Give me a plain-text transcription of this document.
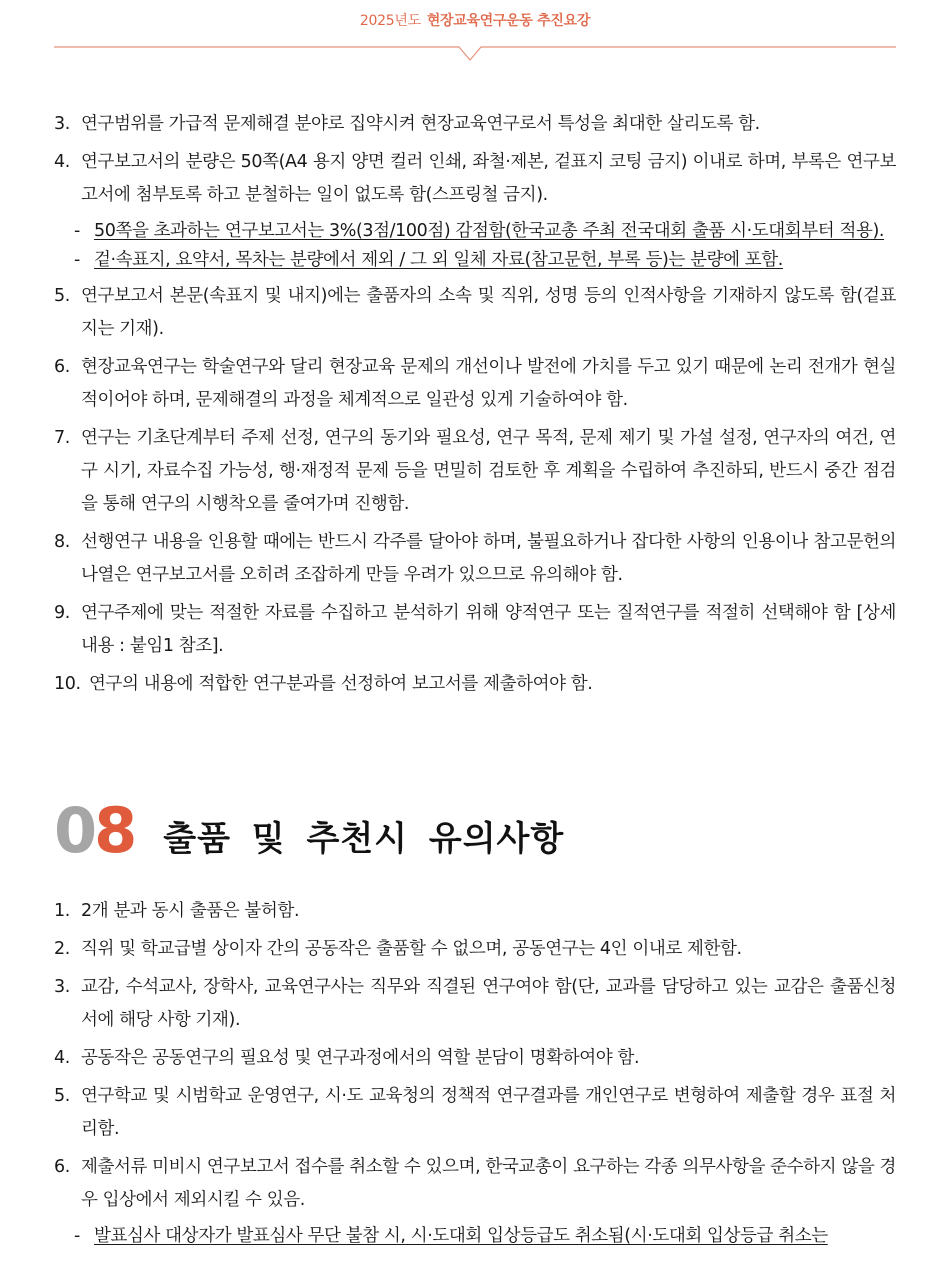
2025년도 현장교육연구운동 추진요강
3. 연구범위를 가급적 문제해결 분야로 집약시켜 현장교육연구로서 특성을 최대한 살리도록 함.
4. 연구보고서의 분량은 50쪽(A4 용지 양면 컬러 인쇄, 좌철·제본, 겉표지 코팅 금지) 이내로 하며, 부록은 연구보고서에 첨부토록 하고 분철하는 일이 없도록 함(스프링철 금지).
- 50쪽을 초과하는 연구보고서는 3%(3점/100점) 감점함(한국교총 주최 전국대회 출품 시·도대회부터 적용).
- 겉·속표지, 요약서, 목차는 분량에서 제외 / 그 외 일체 자료(참고문헌, 부록 등)는 분량에 포함.
5. 연구보고서 본문(속표지 및 내지)에는 출품자의 소속 및 직위, 성명 등의 인적사항을 기재하지 않도록 함(겉표지는 기재).
6. 현장교육연구는 학술연구와 달리 현장교육 문제의 개선이나 발전에 가치를 두고 있기 때문에 논리 전개가 현실적이어야 하며, 문제해결의 과정을 체계적으로 일관성 있게 기술하여야 함.
7. 연구는 기초단계부터 주제 선정, 연구의 동기와 필요성, 연구 목적, 문제 제기 및 가설 설정, 연구자의 여건, 연구 시기, 자료수집 가능성, 행·재정적 문제 등을 면밀히 검토한 후 계획을 수립하여 추진하되, 반드시 중간 점검을 통해 연구의 시행착오를 줄여가며 진행함.
8. 선행연구 내용을 인용할 때에는 반드시 각주를 달아야 하며, 불필요하거나 잡다한 사항의 인용이나 참고문헌의 나열은 연구보고서를 오히려 조잡하게 만들 우려가 있으므로 유의해야 함.
9. 연구주제에 맞는 적절한 자료를 수집하고 분석하기 위해 양적연구 또는 질적연구를 적절히 선택해야 함 [상세내용 : 붙임1 참조].
10. 연구의 내용에 적합한 연구분과를 선정하여 보고서를 제출하여야 함.
0 8 출품 및 추천시 유의사항
1. 2개 분과 동시 출품은 불허함.
2. 직위 및 학교급별 상이자 간의 공동작은 출품할 수 없으며, 공동연구는 4인 이내로 제한함.
3. 교감, 수석교사, 장학사, 교육연구사는 직무와 직결된 연구여야 함(단, 교과를 담당하고 있는 교감은 출품신청서에 해당 사항 기재).
4. 공동작은 공동연구의 필요성 및 연구과정에서의 역할 분담이 명확하여야 함.
5. 연구학교 및 시범학교 운영연구, 시·도 교육청의 정책적 연구결과를 개인연구로 변형하여 제출할 경우 표절 처리함.
6. 제출서류 미비시 연구보고서 접수를 취소할 수 있으며, 한국교총이 요구하는 각종 의무사항을 준수하지 않을 경우 입상에서 제외시킬 수 있음.
- 발표심사 대상자가 발표심사 무단 불참 시, 시·도대회 입상등급도 취소됨(시·도대회 입상등급 취소는
